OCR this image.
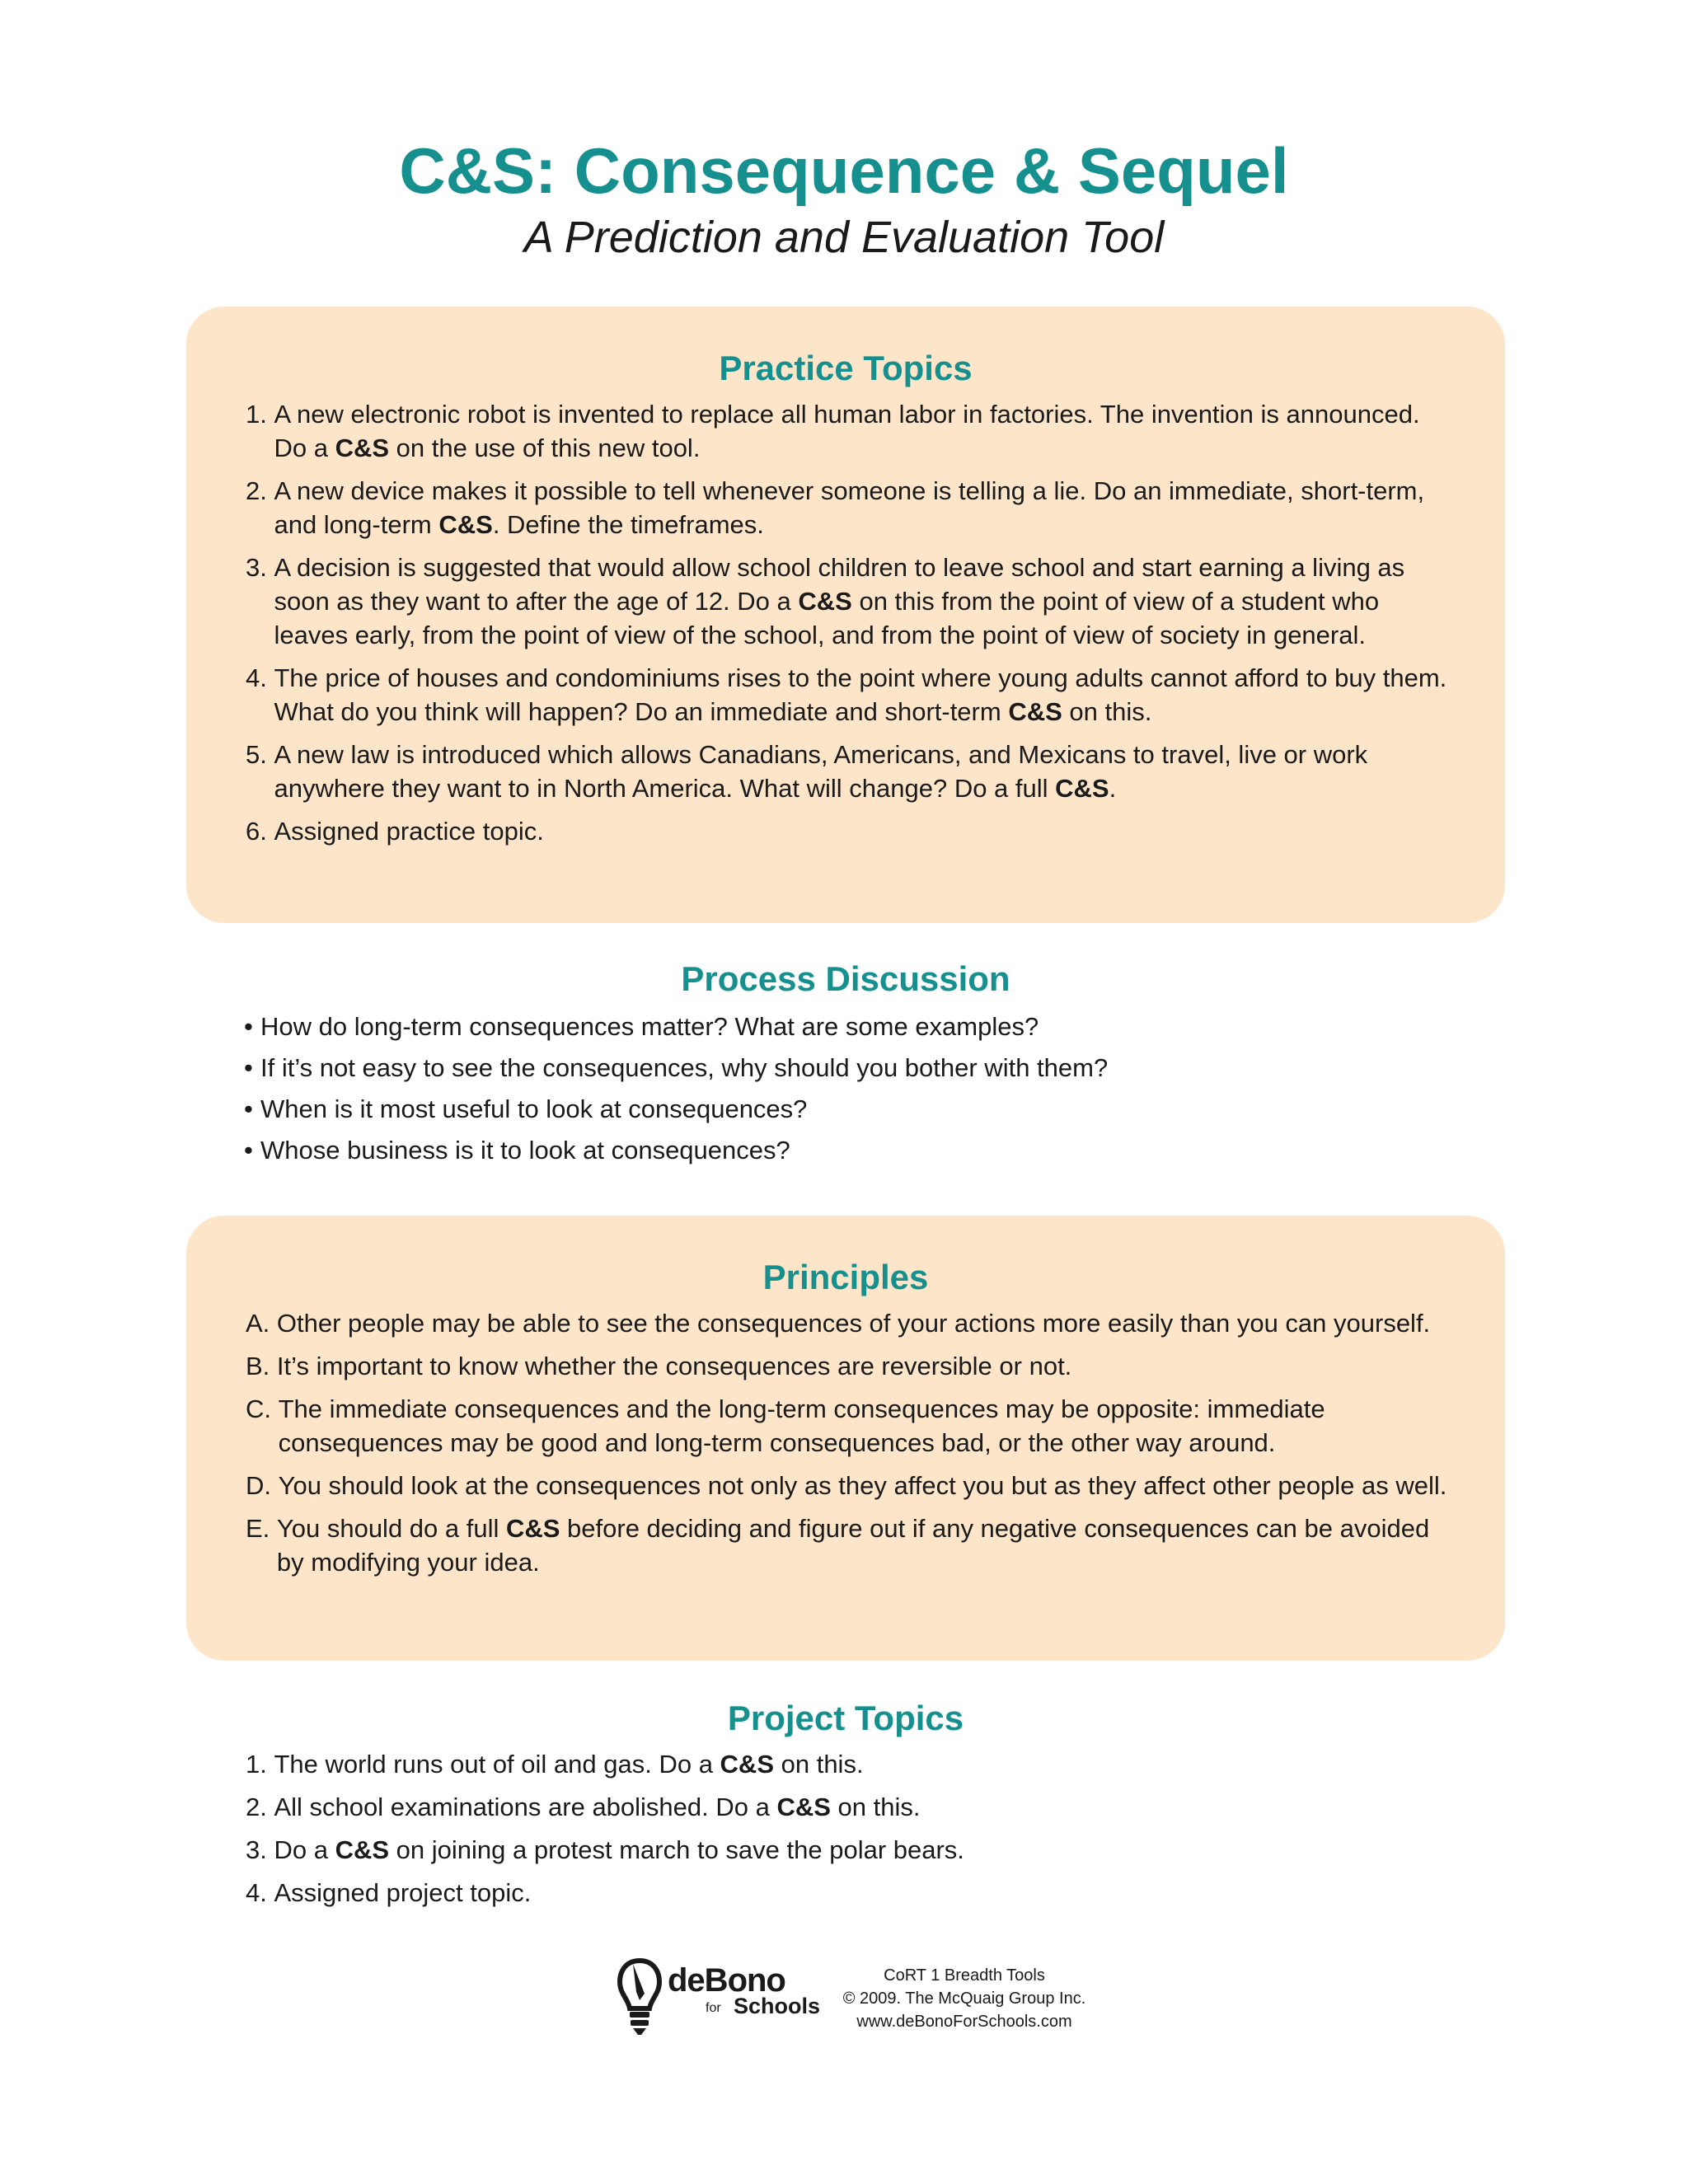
C&S: Consequence & Sequel
A Prediction and Evaluation Tool
Practice Topics
1. A new electronic robot is invented to replace all human labor in factories. The invention is announced. Do a C&S on the use of this new tool.
2. A new device makes it possible to tell whenever someone is telling a lie. Do an immediate, short-term, and long-term C&S. Define the timeframes.
3. A decision is suggested that would allow school children to leave school and start earning a living as soon as they want to after the age of 12. Do a C&S on this from the point of view of a student who leaves early, from the point of view of the school, and from the point of view of society in general.
4. The price of houses and condominiums rises to the point where young adults cannot afford to buy them. What do you think will happen? Do an immediate and short-term C&S on this.
5. A new law is introduced which allows Canadians, Americans, and Mexicans to travel, live or work anywhere they want to in North America. What will change? Do a full C&S.
6. Assigned practice topic.
Process Discussion
• How do long-term consequences matter? What are some examples?
• If it’s not easy to see the consequences, why should you bother with them?
• When is it most useful to look at consequences?
• Whose business is it to look at consequences?
Principles
A. Other people may be able to see the consequences of your actions more easily than you can yourself.
B. It’s important to know whether the consequences are reversible or not.
C. The immediate consequences and the long-term consequences may be opposite: immediate consequences may be good and long-term consequences bad, or the other way around.
D. You should look at the consequences not only as they affect you but as they affect other people as well.
E. You should do a full C&S before deciding and figure out if any negative consequences can be avoided by modifying your idea.
Project Topics
1. The world runs out of oil and gas. Do a C&S on this.
2. All school examinations are abolished. Do a C&S on this.
3. Do a C&S on joining a protest march to save the polar bears.
4. Assigned project topic.
deBono
for Schools
CoRT 1 Breadth Tools
© 2009. The McQuaig Group Inc.
www.deBonoForSchools.com
